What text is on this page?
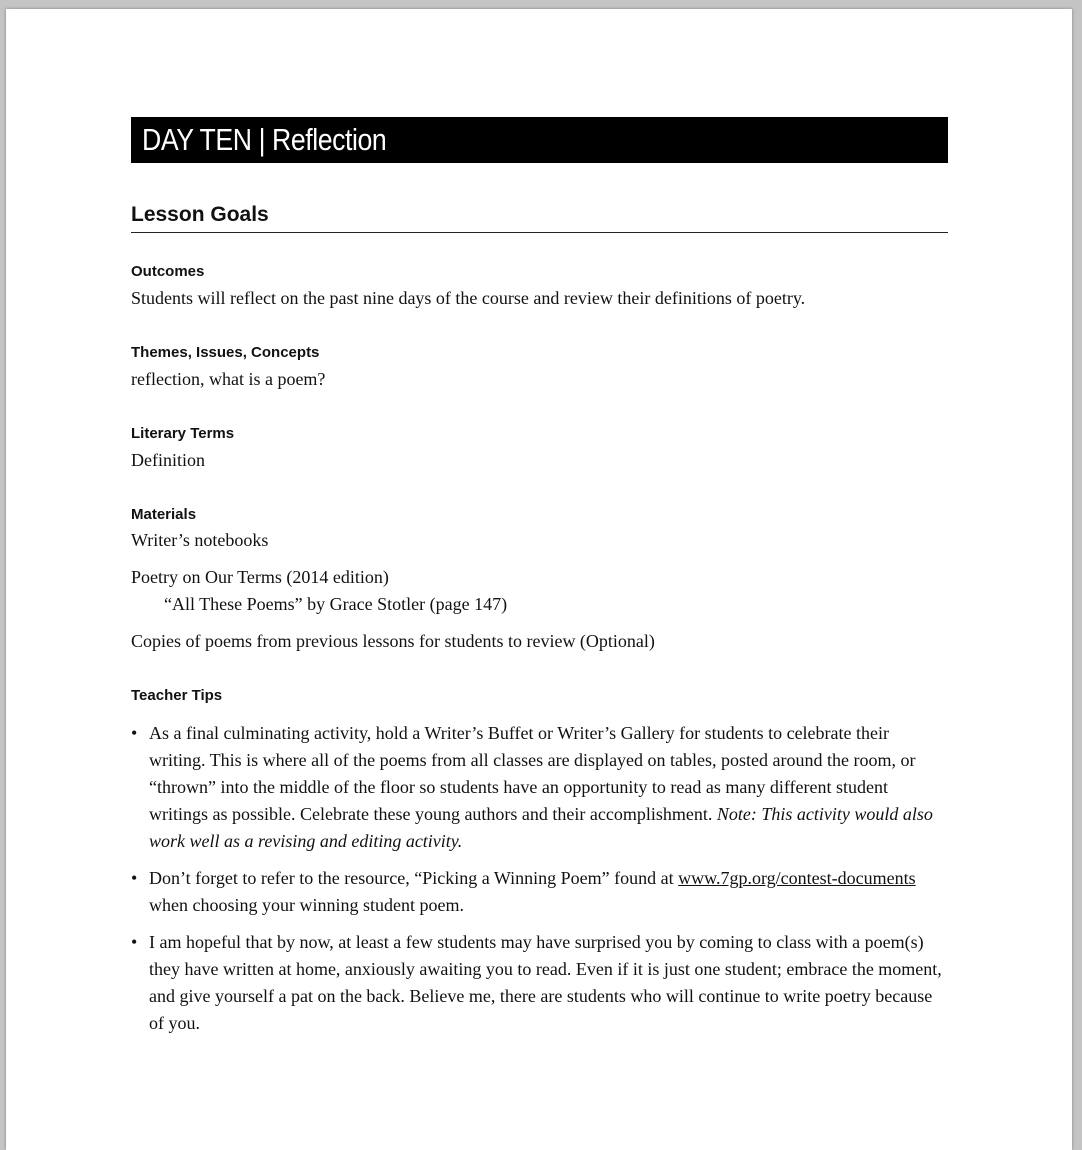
DAY TEN | Reflection
Lesson Goals
Outcomes
Students will reflect on the past nine days of the course and review their definitions of poetry.
Themes, Issues, Concepts
reflection, what is a poem?
Literary Terms
Definition
Materials
Writer’s notebooks
Poetry on Our Terms (2014 edition)
“All These Poems” by Grace Stotler (page 147)
Copies of poems from previous lessons for students to review (Optional)
Teacher Tips
• As a final culminating activity, hold a Writer’s Buffet or Writer’s Gallery for students to celebrate their writing. This is where all of the poems from all classes are displayed on tables, posted around the room, or “thrown” into the middle of the floor so students have an opportunity to read as many different student writings as possible. Celebrate these young authors and their accomplishment. Note: This activity would also work well as a revising and editing activity.
• Don’t forget to refer to the resource, “Picking a Winning Poem” found at www.7gp.org/contest-documents when choosing your winning student poem.
• I am hopeful that by now, at least a few students may have surprised you by coming to class with a poem(s) they have written at home, anxiously awaiting you to read. Even if it is just one student; embrace the moment, and give yourself a pat on the back. Believe me, there are students who will continue to write poetry because of you.
